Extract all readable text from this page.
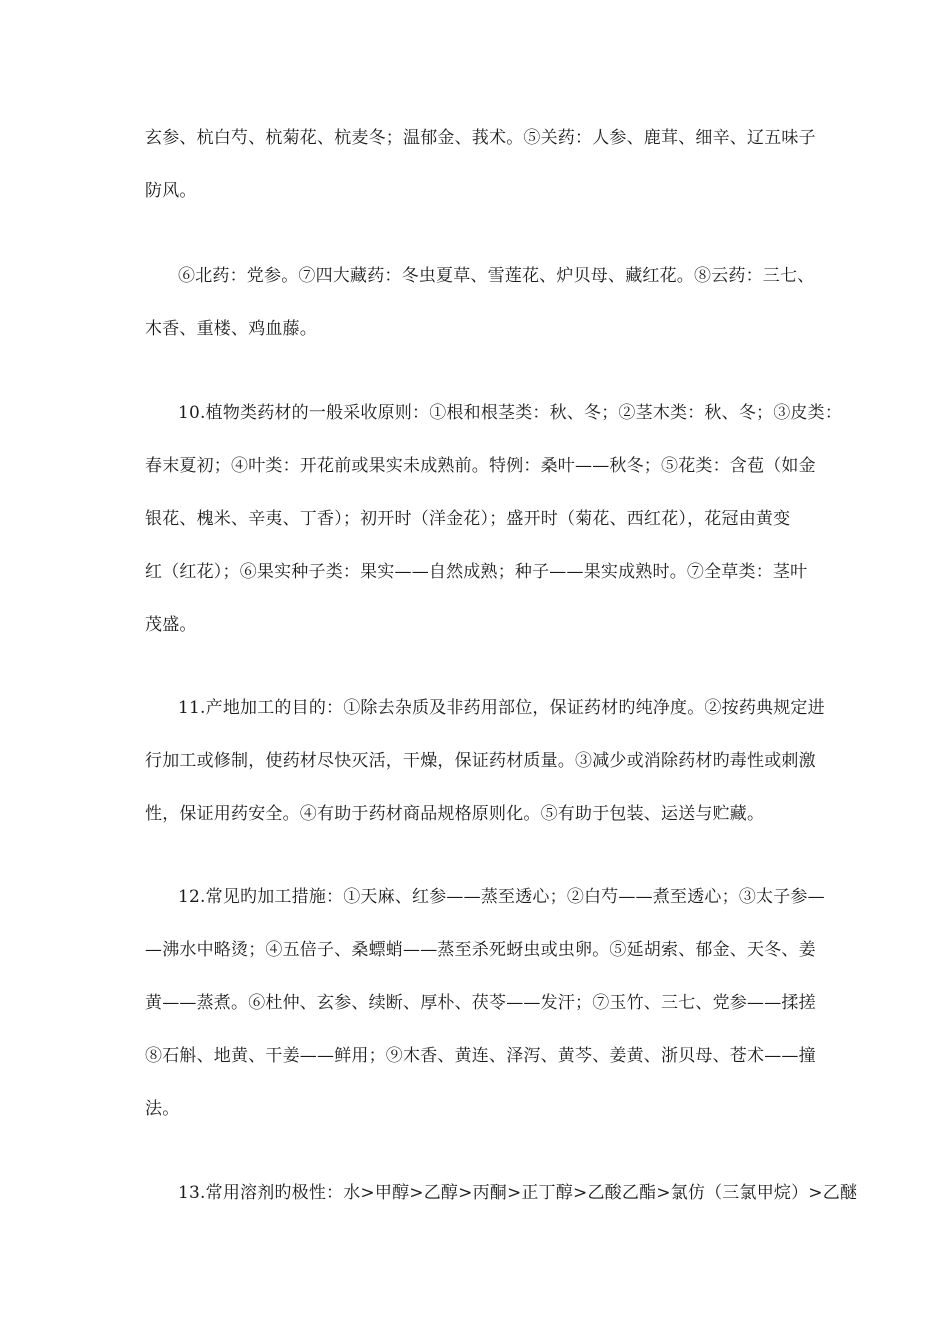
玄参、杭白芍、杭菊花、杭麦冬；温郁金、莪术。⑤关药：人参、鹿茸、细辛、辽五味子
防风。
⑥北药：党参。⑦四大藏药：冬虫夏草、雪莲花、炉贝母、藏红花。⑧云药：三七、
木香、重楼、鸡血藤。
10.植物类药材的一般采收原则：①根和根茎类：秋、冬；②茎木类：秋、冬；③皮类：
春末夏初；④叶类：开花前或果实未成熟前。特例：桑叶——秋冬；⑤花类：含苞（如金
银花、槐米、辛夷、丁香）；初开时（洋金花）；盛开时（菊花、西红花），花冠由黄变
红（红花）；⑥果实种子类：果实——自然成熟；种子——果实成熟时。⑦全草类：茎叶
茂盛。
11.产地加工的目的：①除去杂质及非药用部位，保证药材旳纯净度。②按药典规定进
行加工或修制，使药材尽快灭活，干燥，保证药材质量。③减少或消除药材旳毒性或刺激
性，保证用药安全。④有助于药材商品规格原则化。⑤有助于包装、运送与贮藏。
12.常见旳加工措施：①天麻、红参——蒸至透心；②白芍——煮至透心；③太子参—
—沸水中略烫；④五倍子、桑螵蛸——蒸至杀死蚜虫或虫卵。⑤延胡索、郁金、天冬、姜
黄——蒸煮。⑥杜仲、玄参、续断、厚朴、茯苓——发汗；⑦玉竹、三七、党参——揉搓
⑧石斛、地黄、干姜——鲜用；⑨木香、黄连、泽泻、黄芩、姜黄、浙贝母、苍术——撞
法。
13.常用溶剂旳极性：水>甲醇>乙醇>丙酮>正丁醇>乙酸乙酯>氯仿（三氯甲烷）>乙醚
